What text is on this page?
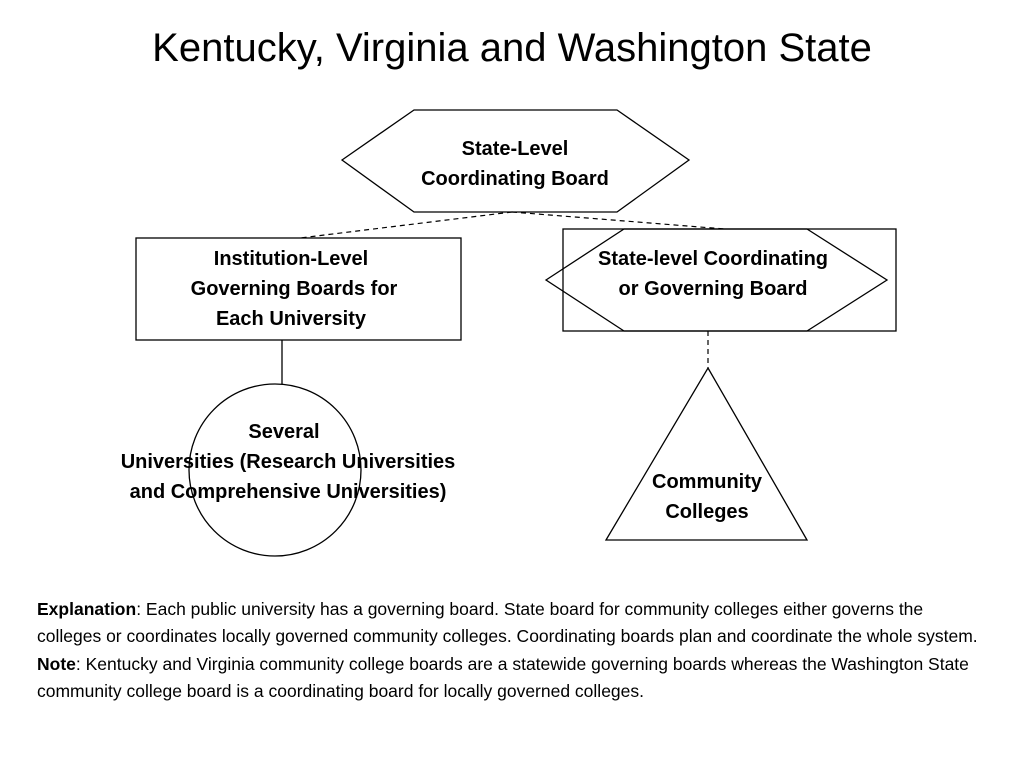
Kentucky, Virginia and Washington State
State-Level
Coordinating Board
Institution-Level
Governing Boards for
Each University
State-level Coordinating
or Governing Board
Several
Universities (Research Universities
and Comprehensive Universities)	Community
Colleges
Explanation: Each public university has a governing board. State board for community colleges either governs the colleges or coordinates locally governed community colleges. Coordinating boards plan and coordinate the whole system.
Note: Kentucky and Virginia community college boards are a statewide governing boards whereas the Washington State community college board is a coordinating board for locally governed colleges.
